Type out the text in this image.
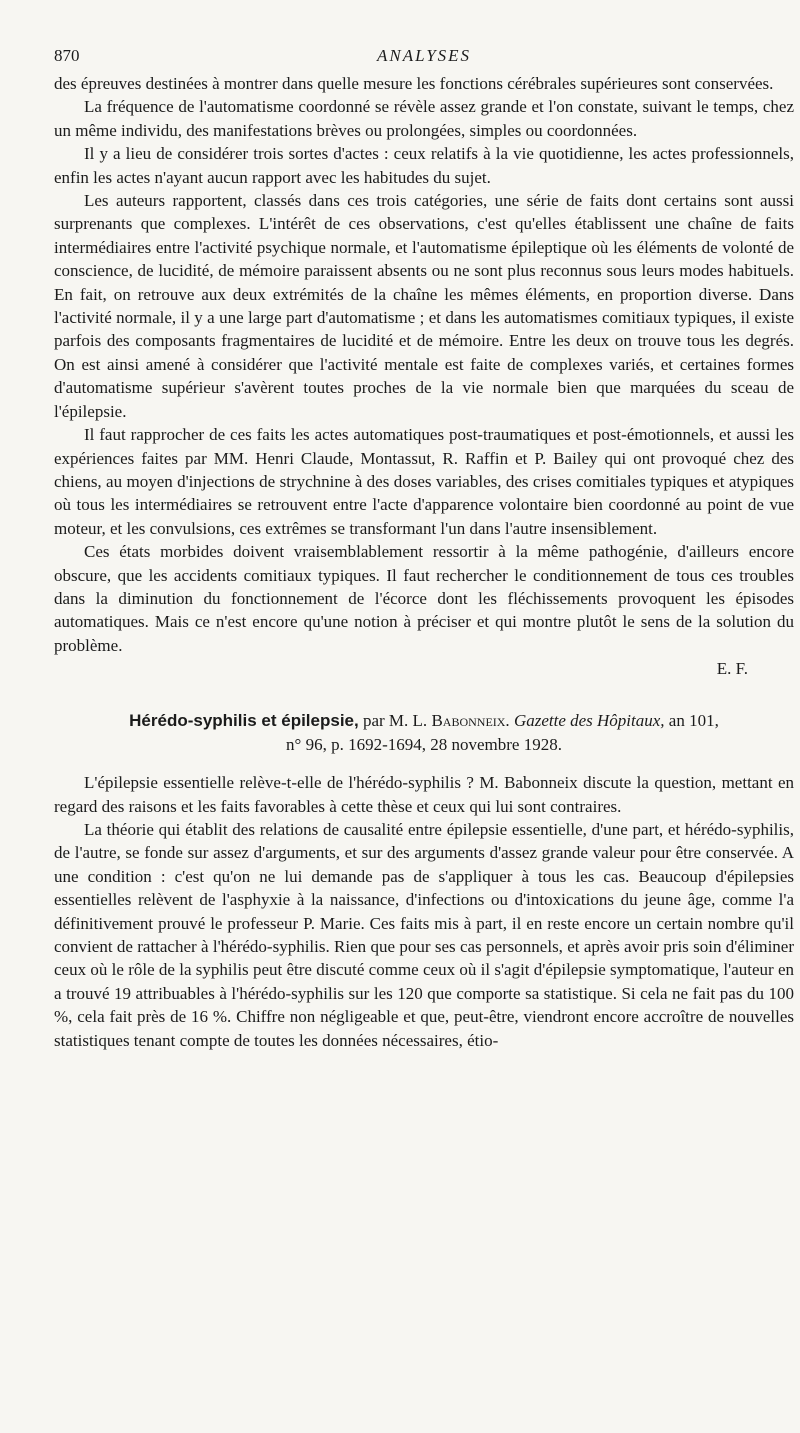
870	ANALYSES

des épreuves destinées à montrer dans quelle mesure les fonctions cérébrales supérieures sont conservées.

La fréquence de l'automatisme coordonné se révèle assez grande et l'on constate, suivant le temps, chez un même individu, des manifestations brèves ou prolongées, simples ou coordonnées.

Il y a lieu de considérer trois sortes d'actes : ceux relatifs à la vie quotidienne, les actes professionnels, enfin les actes n'ayant aucun rapport avec les habitudes du sujet.

Les auteurs rapportent, classés dans ces trois catégories, une série de faits dont certains sont aussi surprenants que complexes. L'intérêt de ces observations, c'est qu'elles établissent une chaîne de faits intermédiaires entre l'activité psychique normale, et l'automatisme épileptique où les éléments de volonté de conscience, de lucidité, de mémoire paraissent absents ou ne sont plus reconnus sous leurs modes habituels. En fait, on retrouve aux deux extrémités de la chaîne les mêmes éléments, en proportion diverse. Dans l'activité normale, il y a une large part d'automatisme ; et dans les automatismes comitiaux typiques, il existe parfois des composants fragmentaires de lucidité et de mémoire. Entre les deux on trouve tous les degrés. On est ainsi amené à considérer que l'activité mentale est faite de complexes variés, et certaines formes d'automatisme supérieur s'avèrent toutes proches de la vie normale bien que marquées du sceau de l'épilepsie.

Il faut rapprocher de ces faits les actes automatiques post-traumatiques et post-émotionnels, et aussi les expériences faites par MM. Henri Claude, Montassut, R. Raffin et P. Bailey qui ont provoqué chez des chiens, au moyen d'injections de strychnine à des doses variables, des crises comitiales typiques et atypiques où tous les intermédiaires se retrouvent entre l'acte d'apparence volontaire bien coordonné au point de vue moteur, et les convulsions, ces extrêmes se transformant l'un dans l'autre insensiblement.

Ces états morbides doivent vraisemblablement ressortir à la même pathogénie, d'ailleurs encore obscure, que les accidents comitiaux typiques. Il faut rechercher le conditionnement de tous ces troubles dans la diminution du fonctionnement de l'écorce dont les fléchissements provoquent les épisodes automatiques. Mais ce n'est encore qu'une notion à préciser et qui montre plutôt le sens de la solution du problème.

E. F.
Hérédo-syphilis et épilepsie, par M. L. Babonneix. Gazette des Hôpitaux, an 101,
n° 96, p. 1692-1694, 28 novembre 1928.

L'épilepsie essentielle relève-t-elle de l'hérédo-syphilis ? M. Babonneix discute la question, mettant en regard des raisons et les faits favorables à cette thèse et ceux qui lui sont contraires.

La théorie qui établit des relations de causalité entre épilepsie essentielle, d'une part, et hérédo-syphilis, de l'autre, se fonde sur assez d'arguments, et sur des arguments d'assez grande valeur pour être conservée. A une condition : c'est qu'on ne lui demande pas de s'appliquer à tous les cas. Beaucoup d'épilepsies essentielles relèvent de l'asphyxie à la naissance, d'infections ou d'intoxications du jeune âge, comme l'a définitivement prouvé le professeur P. Marie. Ces faits mis à part, il en reste encore un certain nombre qu'il convient de rattacher à l'hérédo-syphilis. Rien que pour ses cas personnels, et après avoir pris soin d'éliminer ceux où le rôle de la syphilis peut être discuté comme ceux où il s'agit d'épilepsie symptomatique, l'auteur en a trouvé 19 attribuables à l'hérédo-syphilis sur les 120 que comporte sa statistique. Si cela ne fait pas du 100 %, cela fait près de 16 %. Chiffre non négligeable et que, peut-être, viendront encore accroître de nouvelles statistiques tenant compte de toutes les données nécessaires, étio-
